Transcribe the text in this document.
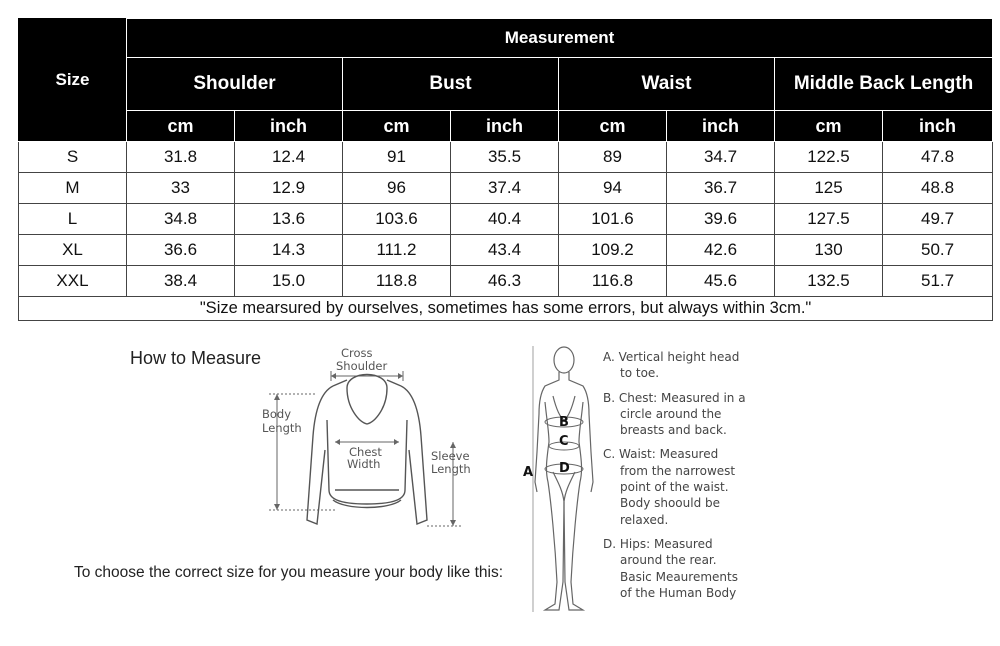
Size	Measurement							
	Shoulder		Bust		Waist		Middle Back Length	
	cm	inch	cm	inch	cm	inch	cm	inch
S	31.8	12.4	91	35.5	89	34.7	122.5	47.8
M	33	12.9	96	37.4	94	36.7	125	48.8
L	34.8	13.6	103.6	40.4	101.6	39.6	127.5	49.7
XL	36.6	14.3	111.2	43.4	109.2	42.6	130	50.7
XXL	38.4	15.0	118.8	46.3	116.8	45.6	132.5	51.7
"Size mearsured by ourselves, sometimes has some errors, but always within 3cm."								
How to Measure	Cross
Shoulder
Body
Length
Chest
Width
Sleeve
Length
To choose the correct size for you measure your body like this:
B
C
D
A

A. Vertical height head
to toe.

B. Chest: Measured in a
circle around the
breasts and back.

C. Waist: Measured
from the narrowest
point of the waist.
Body shoould be
relaxed.

D. Hips: Measured
around the rear.
Basic Meaurements
of the Human Body
